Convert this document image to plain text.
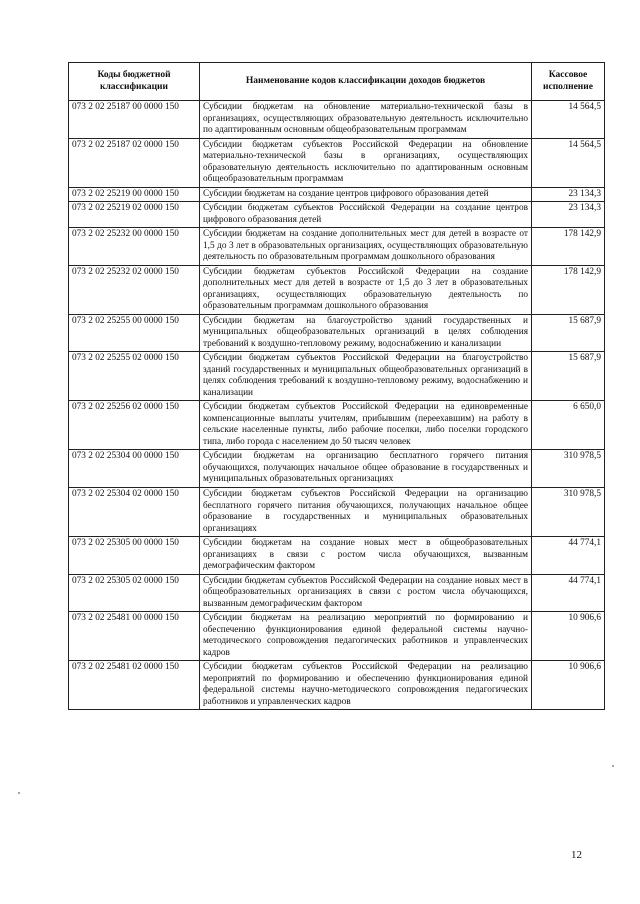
Коды бюджетной классификации	Наименование кодов классификации доходов бюджетов	Кассовое исполнение
073 2 02 25187 00 0000 150	Субсидии бюджетам на обновление материально-технической базы в организациях, осуществляющих образовательную деятельность исключительно по адаптированным основным общеобразовательным программам	14 564,5
073 2 02 25187 02 0000 150	Субсидии бюджетам субъектов Российской Федерации на обновление материально-технической базы в организациях, осуществляющих образовательную деятельность исключительно по адаптированным основным общеобразовательным программам	14 564,5
073 2 02 25219 00 0000 150	Субсидии бюджетам на создание центров цифрового образования детей	23 134,3
073 2 02 25219 02 0000 150	Субсидии бюджетам субъектов Российской Федерации на создание центров цифрового образования детей	23 134,3
073 2 02 25232 00 0000 150	Субсидии бюджетам на создание дополнительных мест для детей в возрасте от 1,5 до 3 лет в образовательных организациях, осуществляющих образовательную деятельность по образовательным программам дошкольного образования	178 142,9
073 2 02 25232 02 0000 150	Субсидии бюджетам субъектов Российской Федерации на создание дополнительных мест для детей в возрасте от 1,5 до 3 лет в образовательных организациях, осуществляющих образовательную деятельность по образовательным программам дошкольного образования	178 142,9
073 2 02 25255 00 0000 150	Субсидии бюджетам на благоустройство зданий государственных и муниципальных общеобразовательных организаций в целях соблюдения требований к воздушно-тепловому режиму, водоснабжению и канализации	15 687,9
073 2 02 25255 02 0000 150	Субсидии бюджетам субъектов Российской Федерации на благоустройство зданий государственных и муниципальных общеобразовательных организаций в целях соблюдения требований к воздушно-тепловому режиму, водоснабжению и канализации	15 687,9
073 2 02 25256 02 0000 150	Субсидии бюджетам субъектов Российской Федерации на единовременные компенсационные выплаты учителям, прибывшим (переехавшим) на работу в сельские населенные пункты, либо рабочие поселки, либо поселки городского типа, либо города с населением до 50 тысяч человек	6 650,0
073 2 02 25304 00 0000 150	Субсидии бюджетам на организацию бесплатного горячего питания обучающихся, получающих начальное общее образование в государственных и муниципальных образовательных организациях	310 978,5
073 2 02 25304 02 0000 150	Субсидии бюджетам субъектов Российской Федерации на организацию бесплатного горячего питания обучающихся, получающих начальное общее образование в государственных и муниципальных образовательных организациях	310 978,5
073 2 02 25305 00 0000 150	Субсидии бюджетам на создание новых мест в общеобразовательных организациях в связи с ростом числа обучающихся, вызванным демографическим фактором	44 774,1
073 2 02 25305 02 0000 150	Субсидии бюджетам субъектов Российской Федерации на создание новых мест в общеобразовательных организациях в связи с ростом числа обучающихся, вызванным демографическим фактором	44 774,1
073 2 02 25481 00 0000 150	Субсидии бюджетам на реализацию мероприятий по формированию и обеспечению функционирования единой федеральной системы научно-методического сопровождения педагогических работников и управленческих кадров	10 906,6
073 2 02 25481 02 0000 150	Субсидии бюджетам субъектов Российской Федерации на реализацию мероприятий по формированию и обеспечению функционирования единой федеральной системы научно-методического сопровождения педагогических работников и управленческих кадров	10 906,6
12
